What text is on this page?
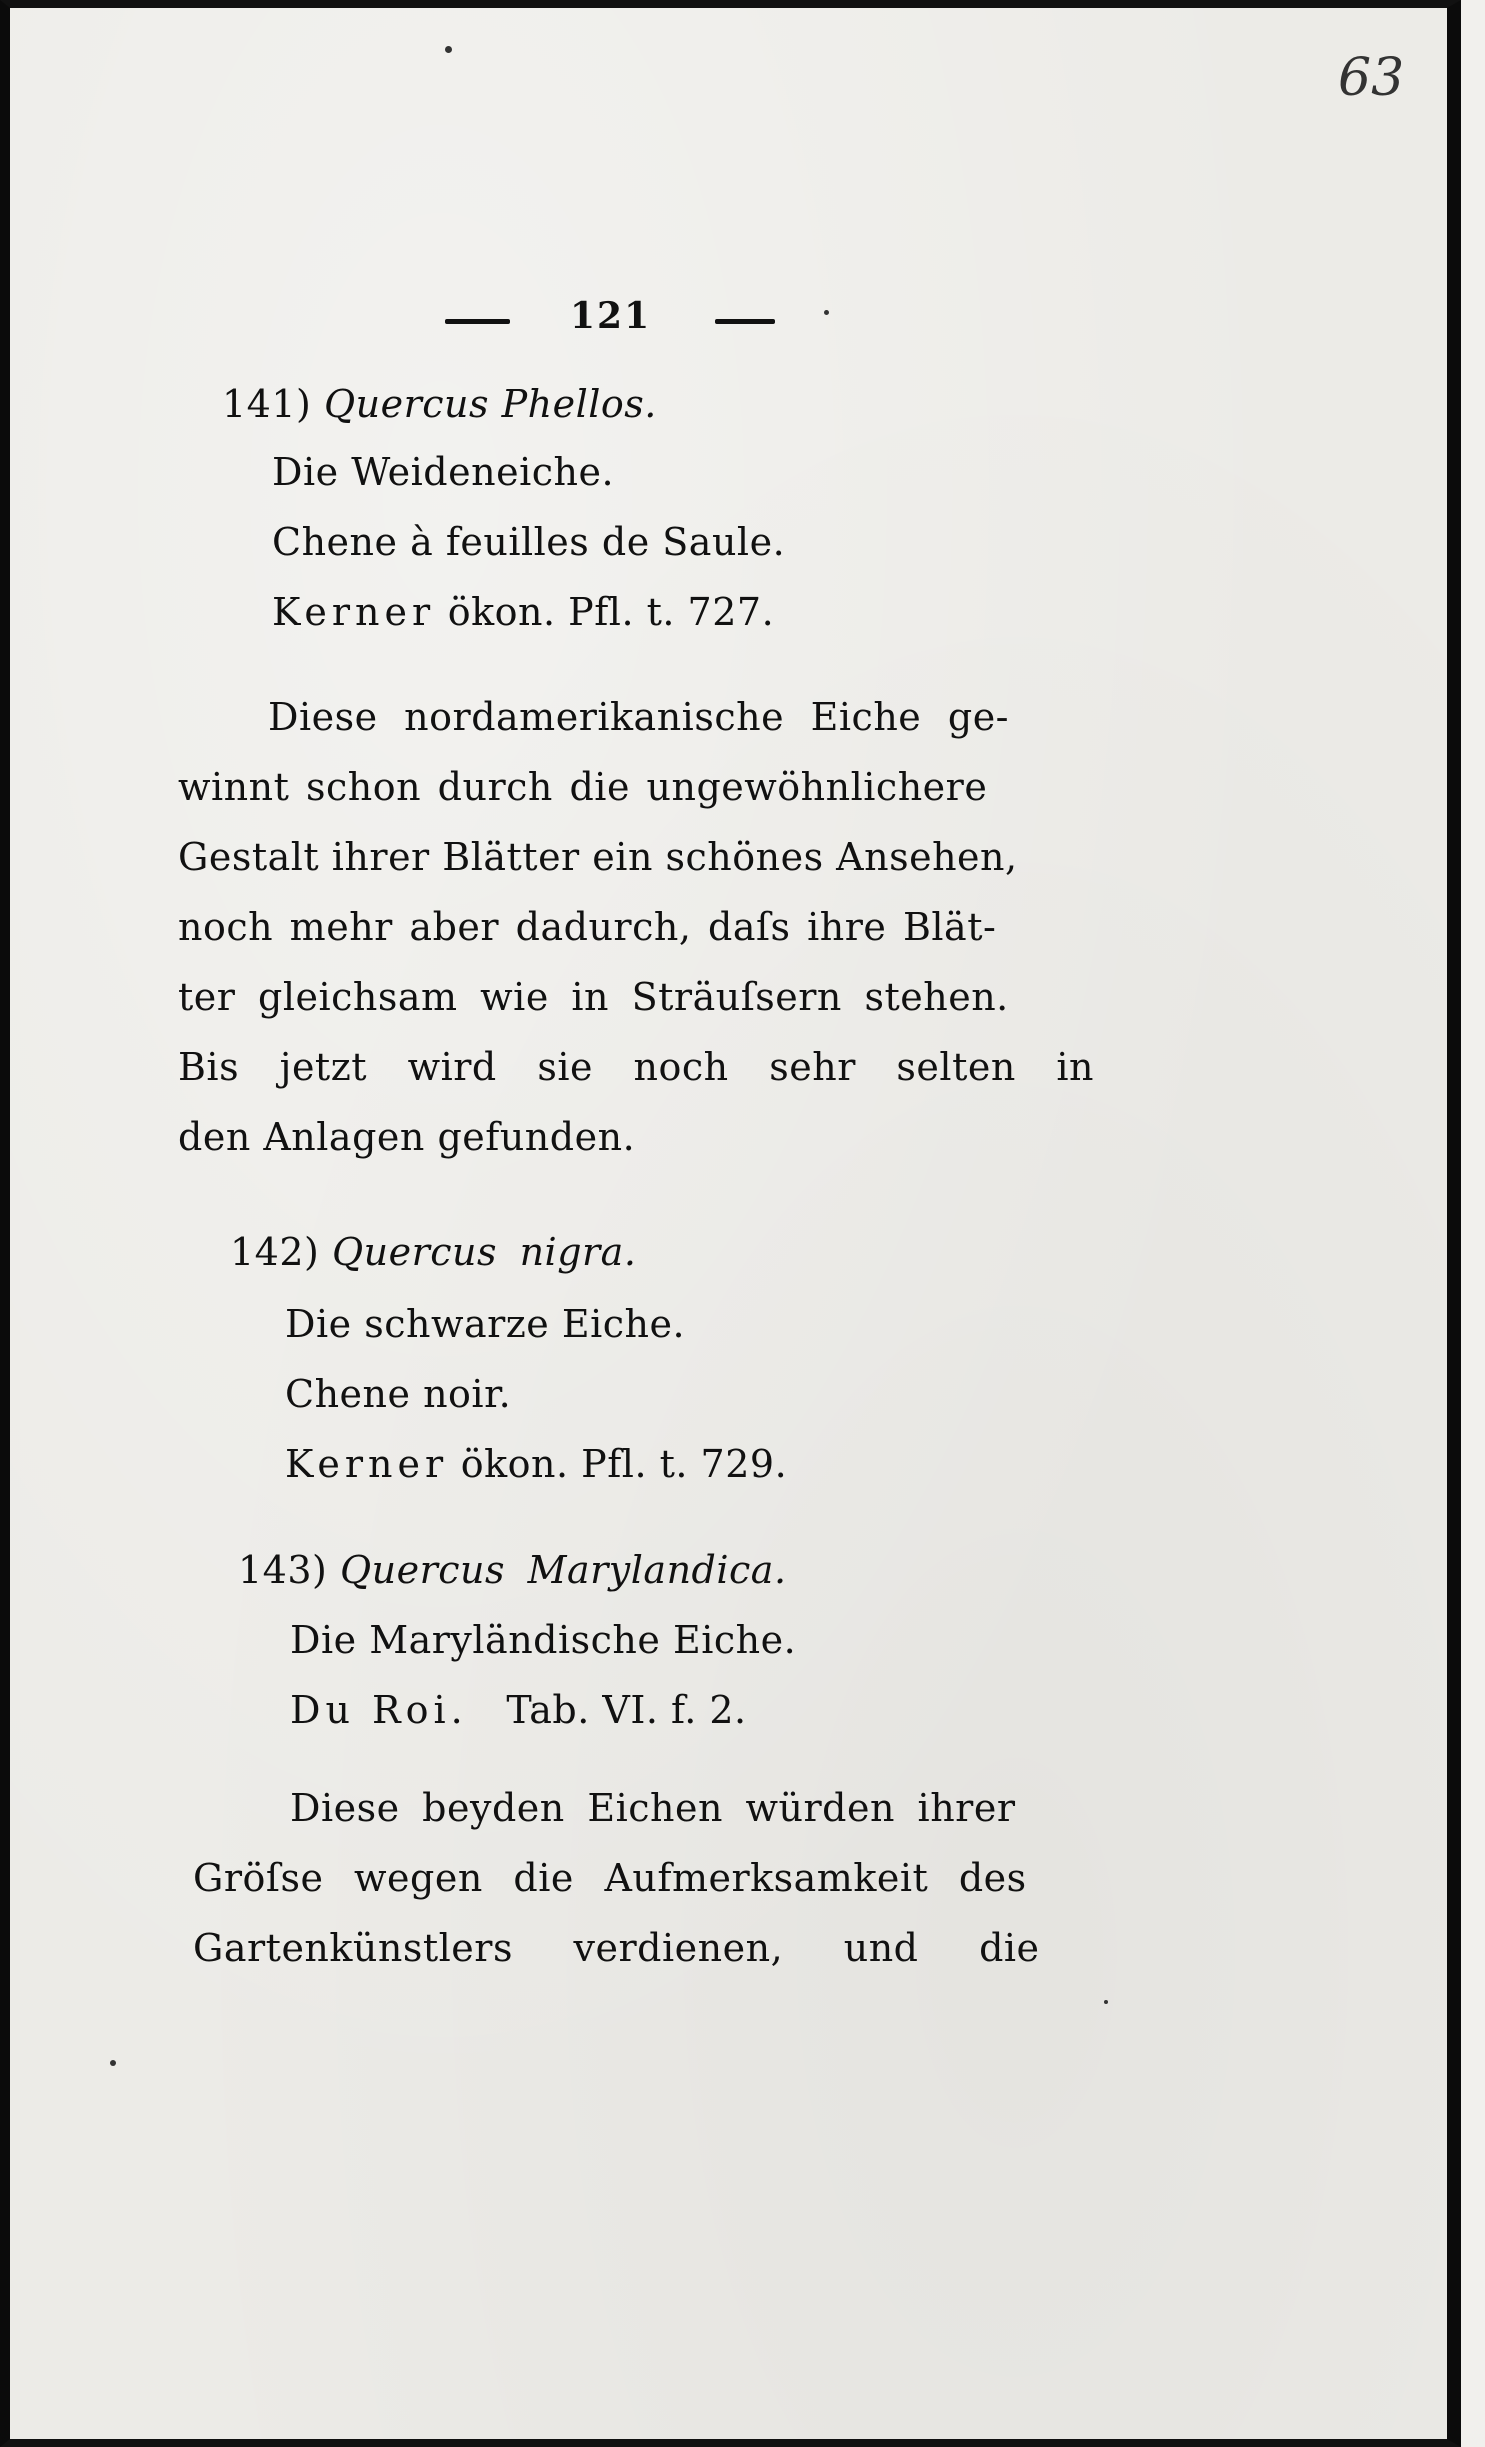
63
121

141) Quercus Phellos.

Die Weideneiche.

Chene à feuilles de Saule.

Kerner ökon. Pfl. t. 727.

Diese nordamerikanische Eiche ge-

winnt schon durch die ungewöhnlichere

Gestalt ihrer Blätter ein schönes Ansehen,

noch mehr aber dadurch, daſs ihre Blät-

ter gleichsam wie in Sträuſsern stehen.

Bis jetzt wird sie noch sehr selten in

den Anlagen gefunden.

142) Quercus nigra.

Die schwarze Eiche.

Chene noir.

Kerner ökon. Pfl. t. 729.

143) Quercus Marylandica.

Die Maryländische Eiche.

Du Roi. Tab. VI. f. 2.

Diese beyden Eichen würden ihrer

Gröſse wegen die Aufmerksamkeit des

Gartenkünstlers verdienen, und die
